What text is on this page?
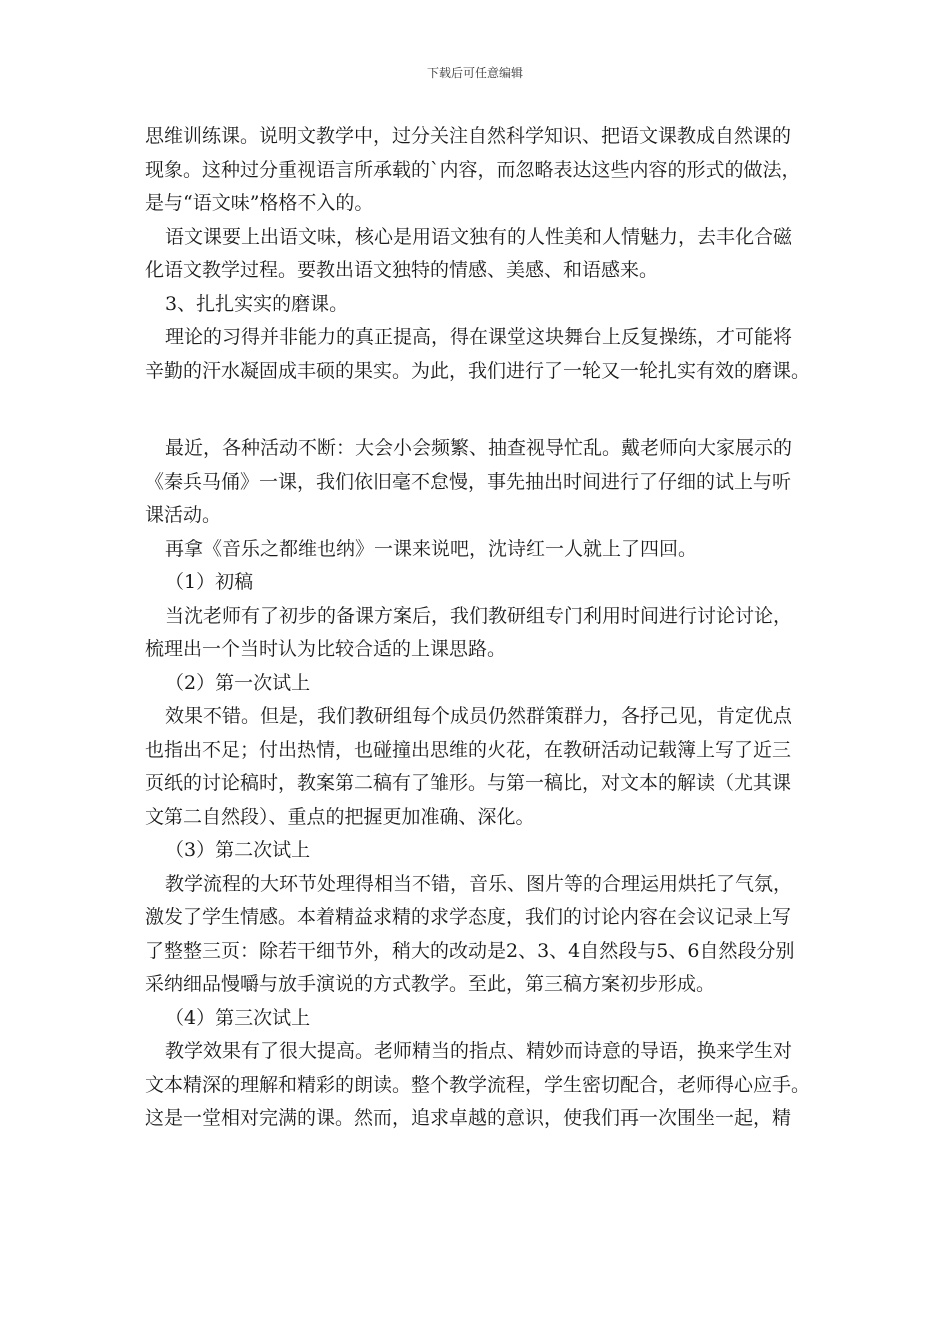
下载后可任意编辑
思维训练课。说明文教学中，过分关注自然科学知识、把语文课教成自然课的
现象。这种过分重视语言所承载的`内容，而忽略表达这些内容的形式的做法，
是与“语文味”格格不入的。
语文课要上出语文味，核心是用语文独有的人性美和人情魅力，去丰化合磁
化语文教学过程。要教出语文独特的情感、美感、和语感来。
3、扎扎实实的磨课。
理论的习得并非能力的真正提高，得在课堂这块舞台上反复操练，才可能将
辛勤的汗水凝固成丰硕的果实。为此，我们进行了一轮又一轮扎实有效的磨课。
最近，各种活动不断：大会小会频繁、抽查视导忙乱。戴老师向大家展示的
《秦兵马俑》一课，我们依旧毫不怠慢，事先抽出时间进行了仔细的试上与听
课活动。
再拿《音乐之都维也纳》一课来说吧，沈诗红一人就上了四回。
（1）初稿
当沈老师有了初步的备课方案后，我们教研组专门利用时间进行讨论讨论，
梳理出一个当时认为比较合适的上课思路。
（2）第一次试上
效果不错。但是，我们教研组每个成员仍然群策群力，各抒己见，肯定优点
也指出不足；付出热情，也碰撞出思维的火花，在教研活动记载簿上写了近三
页纸的讨论稿时，教案第二稿有了雏形。与第一稿比，对文本的解读（尤其课
文第二自然段）、重点的把握更加准确、深化。
（3）第二次试上
教学流程的大环节处理得相当不错，音乐、图片等的合理运用烘托了气氛，
激发了学生情感。本着精益求精的求学态度，我们的讨论内容在会议记录上写
了整整三页：除若干细节外，稍大的改动是2、3、4自然段与5、6自然段分别
采纳细品慢嚼与放手演说的方式教学。至此，第三稿方案初步形成。
（4）第三次试上
教学效果有了很大提高。老师精当的指点、精妙而诗意的导语，换来学生对
文本精深的理解和精彩的朗读。整个教学流程，学生密切配合，老师得心应手。
这是一堂相对完满的课。然而，追求卓越的意识，使我们再一次围坐一起，精
